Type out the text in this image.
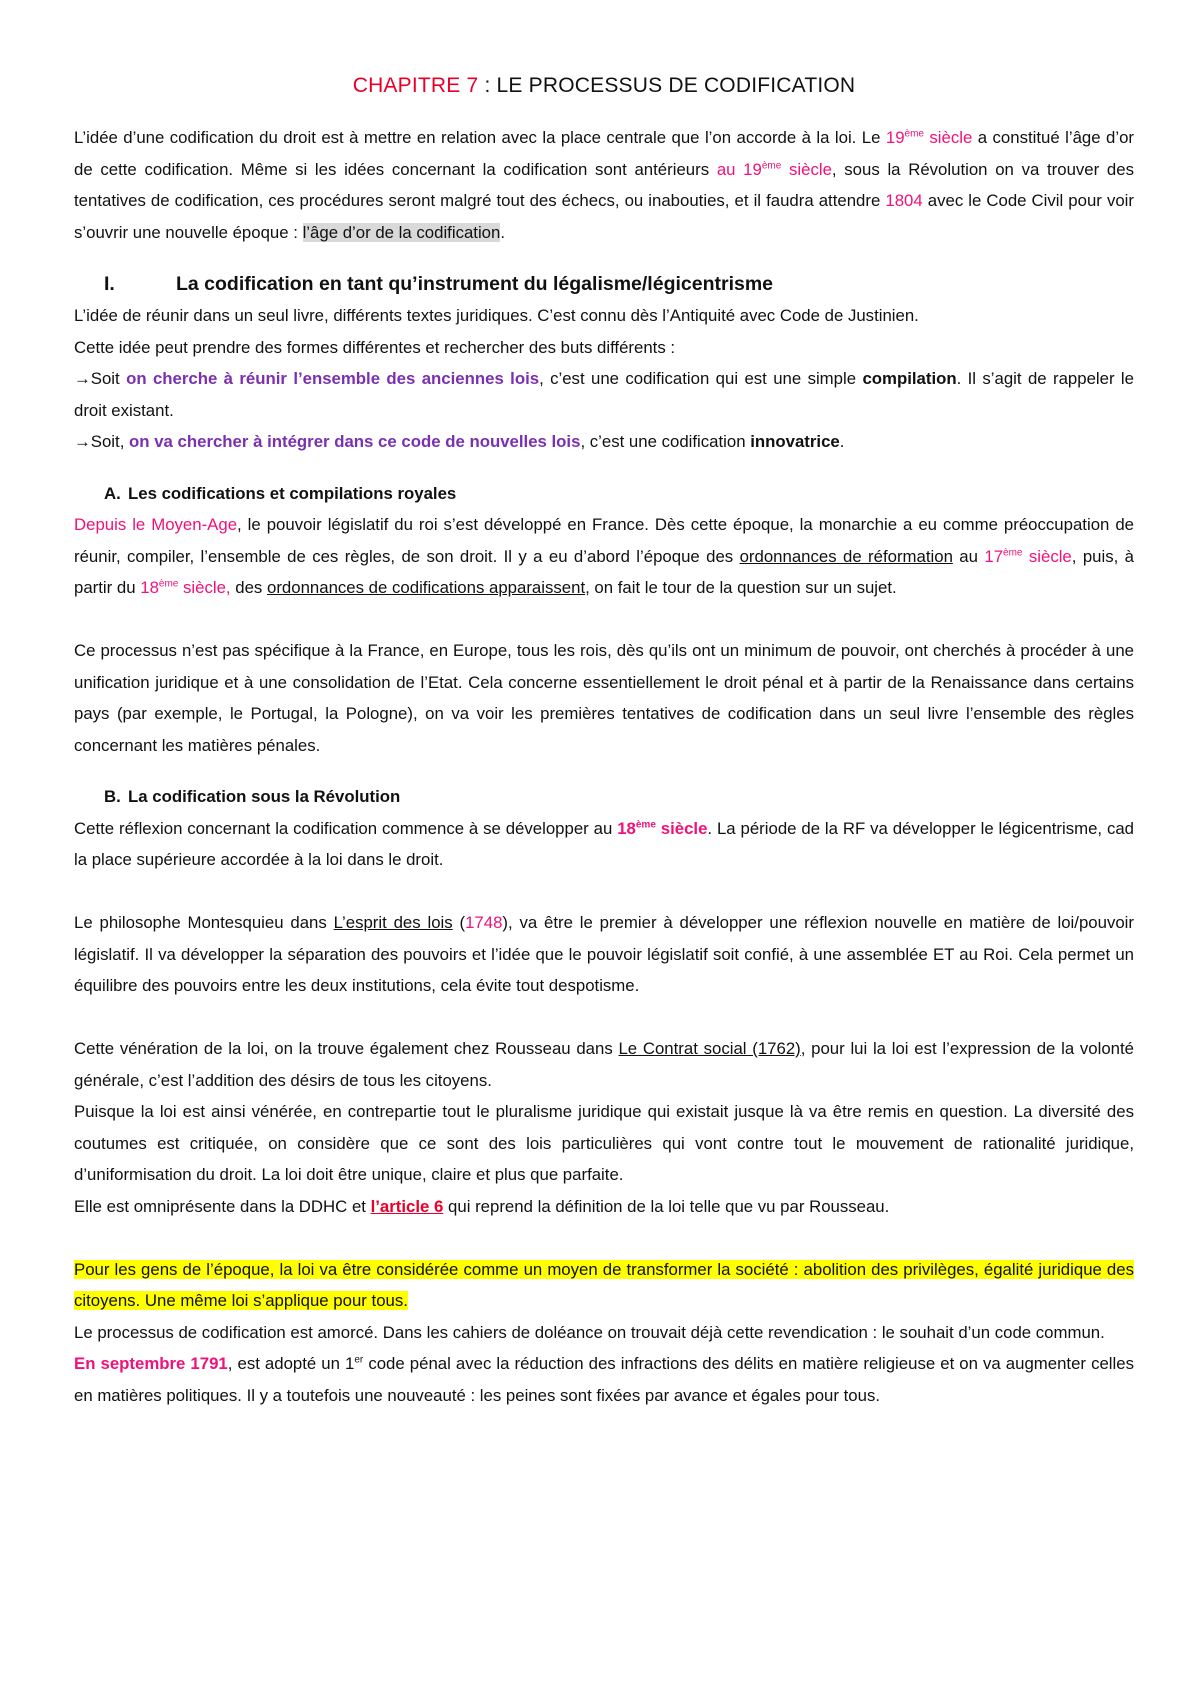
CHAPITRE 7 : LE PROCESSUS DE CODIFICATION

L’idée d’une codification du droit est à mettre en relation avec la place centrale que l’on accorde à la loi. Le 19ème siècle a constitué l’âge d’or de cette codification. Même si les idées concernant la codification sont antérieurs au 19ème siècle, sous la Révolution on va trouver des tentatives de codification, ces procédures seront malgré tout des échecs, ou inabouties, et il faudra attendre 1804 avec le Code Civil pour voir s’ouvrir une nouvelle époque : l’âge d’or de la codification.

I.	La codification en tant qu’instrument du légalisme/légicentrisme

L’idée de réunir dans un seul livre, différents textes juridiques. C’est connu dès l’Antiquité avec Code de Justinien.

Cette idée peut prendre des formes différentes et rechercher des buts différents :

→Soit on cherche à réunir l’ensemble des anciennes lois, c’est une codification qui est une simple compilation. Il s’agit de rappeler le droit existant.

→Soit, on va chercher à intégrer dans ce code de nouvelles lois, c’est une codification innovatrice.

A. Les codifications et compilations royales

Depuis le Moyen-Age, le pouvoir législatif du roi s’est développé en France. Dès cette époque, la monarchie a eu comme préoccupation de réunir, compiler, l’ensemble de ces règles, de son droit. Il y a eu d’abord l’époque des ordonnances de réformation au 17ème siècle, puis, à partir du 18ème siècle, des ordonnances de codifications apparaissent, on fait le tour de la question sur un sujet.

Ce processus n’est pas spécifique à la France, en Europe, tous les rois, dès qu’ils ont un minimum de pouvoir, ont cherchés à procéder à une unification juridique et à une consolidation de l’Etat. Cela concerne essentiellement le droit pénal et à partir de la Renaissance dans certains pays (par exemple, le Portugal, la Pologne), on va voir les premières tentatives de codification dans un seul livre l’ensemble des règles concernant les matières pénales.

B. La codification sous la Révolution

Cette réflexion concernant la codification commence à se développer au 18ème siècle. La période de la RF va développer le légicentrisme, cad la place supérieure accordée à la loi dans le droit.

Le philosophe Montesquieu dans L’esprit des lois (1748), va être le premier à développer une réflexion nouvelle en matière de loi/pouvoir législatif. Il va développer la séparation des pouvoirs et l’idée que le pouvoir législatif soit confié, à une assemblée ET au Roi. Cela permet un équilibre des pouvoirs entre les deux institutions, cela évite tout despotisme.

Cette vénération de la loi, on la trouve également chez Rousseau dans Le Contrat social (1762), pour lui la loi est l’expression de la volonté générale, c’est l’addition des désirs de tous les citoyens.

Puisque la loi est ainsi vénérée, en contrepartie tout le pluralisme juridique qui existait jusque là va être remis en question. La diversité des coutumes est critiquée, on considère que ce sont des lois particulières qui vont contre tout le mouvement de rationalité juridique, d’uniformisation du droit. La loi doit être unique, claire et plus que parfaite.

Elle est omniprésente dans la DDHC et l’article 6 qui reprend la définition de la loi telle que vu par Rousseau.

Pour les gens de l’époque, la loi va être considérée comme un moyen de transformer la société : abolition des privilèges, égalité juridique des citoyens. Une même loi s’applique pour tous.

Le processus de codification est amorcé. Dans les cahiers de doléance on trouvait déjà cette revendication : le souhait d’un code commun.

En septembre 1791, est adopté un 1er code pénal avec la réduction des infractions des délits en matière religieuse et on va augmenter celles en matières politiques. Il y a toutefois une nouveauté : les peines sont fixées par avance et égales pour tous.
